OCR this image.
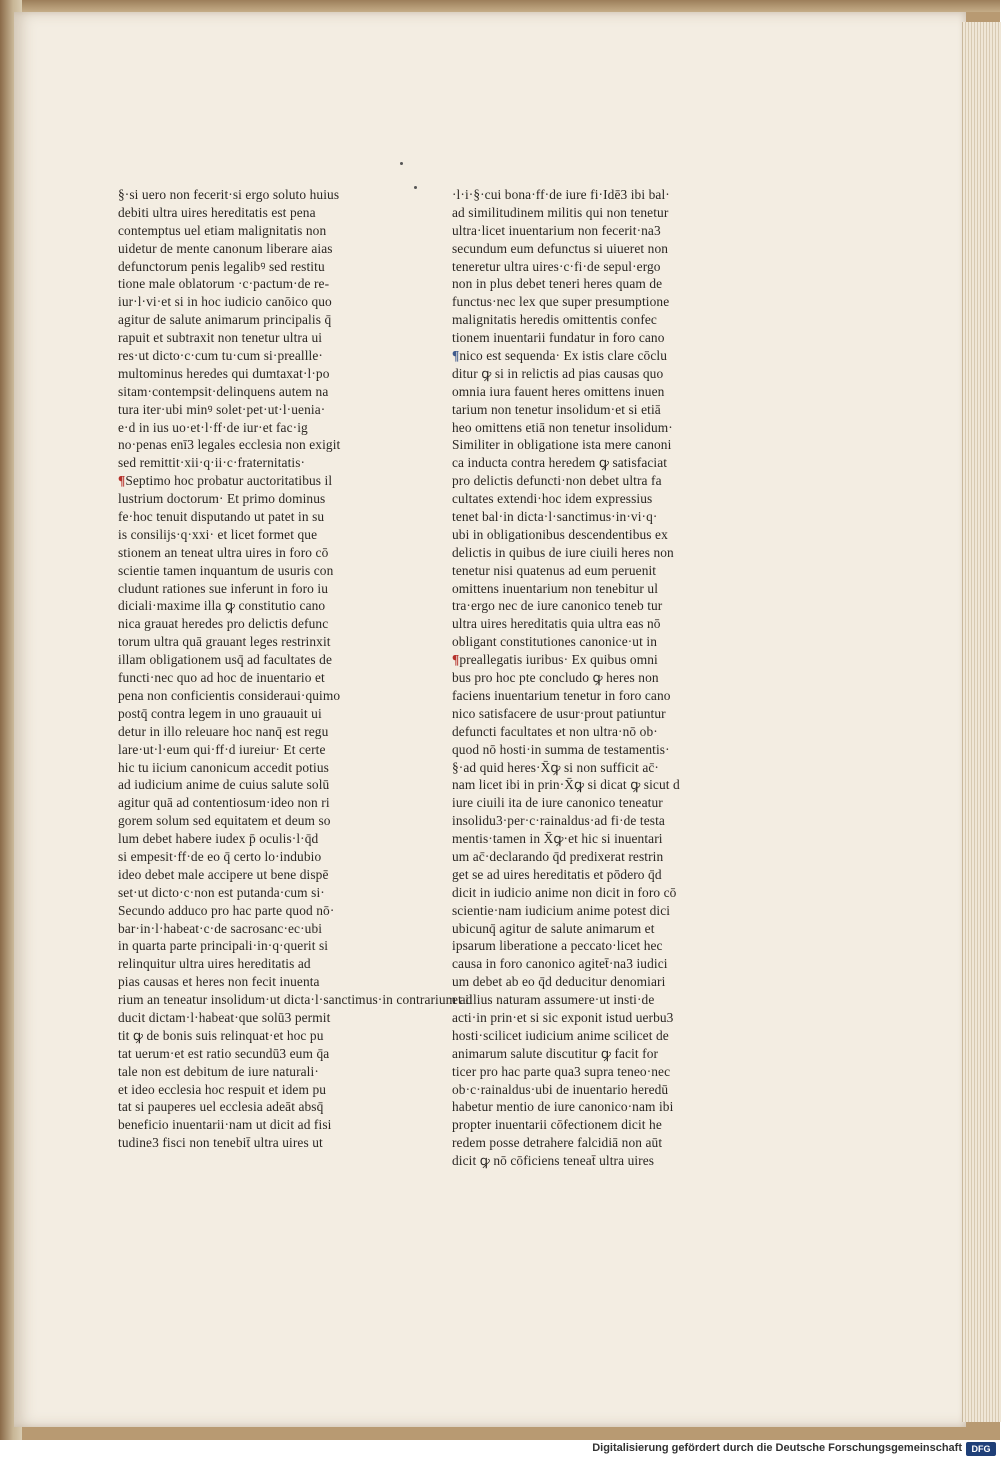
§·si uero non fecerit·si ergo soluto huius
debiti ultra uires hereditatis est pena
contemptus uel etiam malignitatis non
uidetur de mente canonum liberare aias
defunctorum penis legalibꝰ sed restitu
tione male oblatorum ·c·pactum·de re-
iur·l·vi·et si in hoc iudicio canōico quo
agitur de salute animarum principalis q̄
rapuit et subtraxit non tenetur ultra ui
res·ut dicto·c·cum tu·cum si·preallle·
multominus heredes qui dumtaxat·l·po
sitam·contempsit·delinquens autem na
tura iter·ubi minꝰ solet·pet·ut·l·uenia·
e·d in ius uo·et·l·ff·de iur·et fac·ig
no·penas enī3 legales ecclesia non exigit
sed remittit·xii·q·ii·c·fraternitatis·
¶Septimo hoc probatur auctoritatibus il
lustrium doctorum· Et primo dominus
fe·hoc tenuit disputando ut patet in su
is consilijs·q·xxi· et licet formet que
stionem an teneat ultra uires in foro cō
scientie tamen inquantum de usuris con
cludunt rationes sue inferunt in foro iu
diciali·maxime illa ꝙ constitutio cano
nica grauat heredes pro delictis defunc
torum ultra quā grauant leges restrinxit
illam obligationem usq̄ ad facultates de
functi·nec quo ad hoc de inuentario et
pena non conficientis consideraui·quimo
postq̄ contra legem in uno grauauit ui
detur in illo releuare hoc nanq̄ est regu
lare·ut·l·eum qui·ff·d iureiur· Et certe
hic tu iicium canonicum accedit potius
ad iudicium anime de cuius salute solū
agitur quā ad contentiosum·ideo non ri
gorem solum sed equitatem et deum so
lum debet habere iudex p̄ oculis·l·q̄d
si empesit·ff·de eo q̄ certo lo·indubio
ideo debet male accipere ut bene dispē
set·ut dicto·c·non est putanda·cum si·
Secundo adduco pro hac parte quod nō·
bar·in·l·habeat·c·de sacrosanc·ec·ubi
in quarta parte principali·in·q·querit si
relinquitur ultra uires hereditatis ad
pias causas et heres non fecit inuenta
rium an teneatur insolidum·ut dicta·l·sanctimus·in contrarium ad
ducit dictam·l·habeat·que solū3 permit
tit ꝙ de bonis suis relinquat·et hoc pu
tat uerum·et est ratio secundū3 eum q̄a
tale non est debitum de iure naturali·
et ideo ecclesia hoc respuit et idem pu
tat si pauperes uel ecclesia adeāt absq̄
beneficio inuentarii·nam ut dicit ad fisi
tudine3 fisci non tenebit̄ ultra uires ut
·l·i·§·cui bona·ff·de iure fi·Idē3 ibi bal·
ad similitudinem militis qui non tenetur
ultra·licet inuentarium non fecerit·na3
secundum eum defunctus si uiueret non
teneretur ultra uires·c·fi·de sepul·ergo
non in plus debet teneri heres quam de
functus·nec lex que super presumptione
malignitatis heredis omittentis confec
tionem inuentarii fundatur in foro cano
¶nico est sequenda· Ex istis clare cōclu
ditur ꝙ si in relictis ad pias causas quo
omnia iura fauent heres omittens inuen
tarium non tenetur insolidum·et si etiā
heo omittens etiā non tenetur insolidum·
Similiter in obligatione ista mere canoni
ca inducta contra heredem ꝙ satisfaciat
pro delictis defuncti·non debet ultra fa
cultates extendi·hoc idem expressius
tenet bal·in dicta·l·sanctimus·in·vi·q·
ubi in obligationibus descendentibus ex
delictis in quibus de iure ciuili heres non
tenetur nisi quatenus ad eum peruenit
omittens inuentarium non tenebitur ul
tra·ergo nec de iure canonico teneb tur
ultra uires hereditatis quia ultra eas nō
obligant constitutiones canonice·ut in
¶preallegatis iuribus· Ex quibus omni
bus pro hoc pte concludo ꝙ heres non
faciens inuentarium tenetur in foro cano
nico satisfacere de usur·prout patiuntur
defuncti facultates et non ultra·nō ob·
quod nō hosti·in summa de testamentis·
§·ad quid heres·X̄ꝙ si non sufficit ac̄·
nam licet ibi in prin·X̄ꝙ si dicat ꝙ sicut d
iure ciuili ita de iure canonico teneatur
insolidu3·per·c·rainaldus·ad fi·de testa
mentis·tamen in X̄ꝙ·et hic si inuentari
um ac̄·declarando q̄d predixerat restrin
get se ad uires hereditatis et pōdero q̄d
dicit in iudicio anime non dicit in foro cō
scientie·nam iudicium anime potest dici
ubicunq̄ agitur de salute animarum et
ipsarum liberatione a peccato·licet hec
causa in foro canonico agitet̄·na3 iudici
um debet ab eo q̄d deducitur denomiari
et illius naturam assumere·ut insti·de
acti·in prin·et si sic exponit istud uerbu3
hosti·scilicet iudicium anime scilicet de
animarum salute discutitur ꝙ facit for
ticer pro hac parte qua3 supra teneo·nec
ob·c·rainaldus·ubi de inuentario heredū
habetur mentio de iure canonico·nam ibi
propter inuentarii cōfectionem dicit he
redem posse detrahere falcidiā non aūt
dicit ꝙ nō cōficiens teneat̄ ultra uires
Digitalisierung gefördert durch die Deutsche Forschungsgemeinschaft	DFG
